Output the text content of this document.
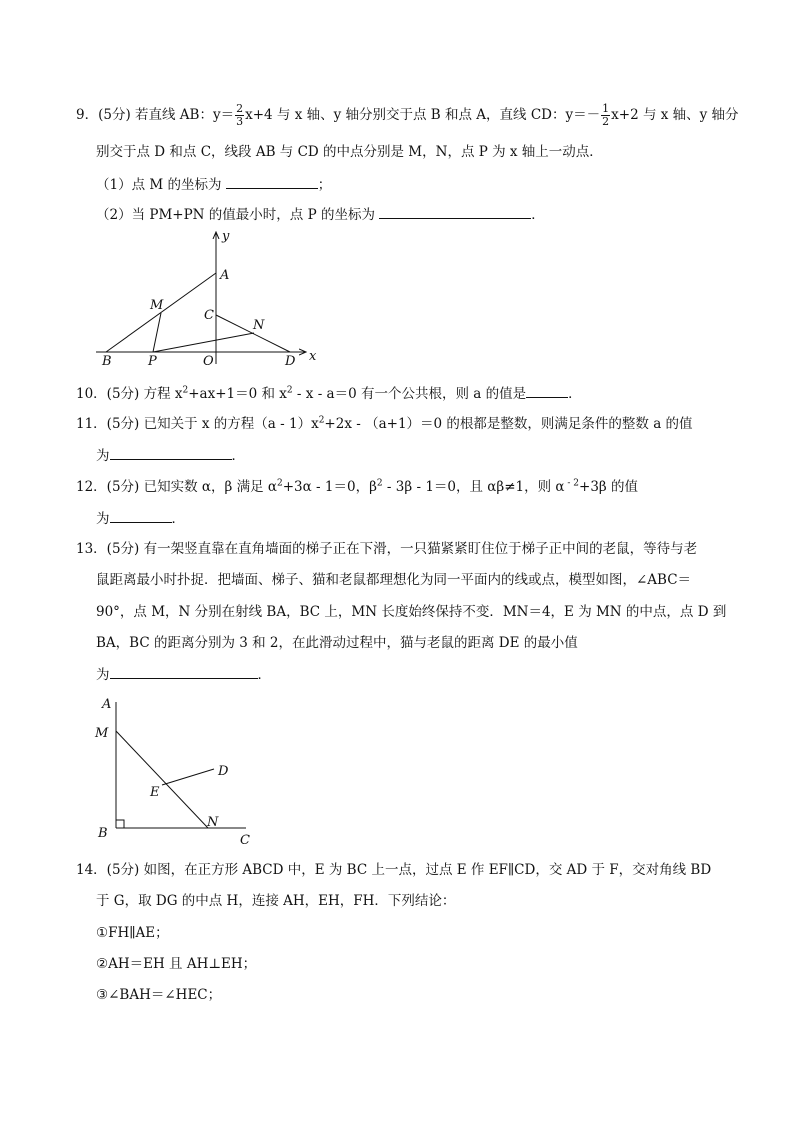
9．(5分) 若直线 AB：$y= \frac{2}{3} x+4$ 与 x 轴、y 轴分别交于点 B 和点 A，直线 CD：$y=- \frac{1}{2} x+2$ 与 x 轴、y 轴分
别交于点 D 和点 C，线段 AB 与 CD 的中点分别是 M，N，点 P 为 x 轴上一动点．
（1）点 M 的坐标为	；
（2）当 PM+PN 的值最小时，点 P 的坐标为	．
y
x
A
M
C
N
B	P	O	D
10．(5分) 方程 $x^2+ax+1=0$ 和 $x^2 - x - a=0$ 有一个公共根，则 a 的值是	．
11．(5分) 已知关于 x 的方程$(a - 1)x^2+2x - (a+1)=0$ 的根都是整数，则满足条件的整数 a 的值
为	．
12．(5分) 已知实数 α，β 满足 $\alpha^2+3\alpha - 1=0$，$\beta^2 - 3\beta - 1=0$，且 αβ≠1，则 α $^{- 2}$+3β 的值
为	．
13．(5分) 有一架竖直靠在直角墙面的梯子正在下滑，一只猫紧紧盯住位于梯子正中间的老鼠，等待与老
鼠距离最小时扑捉．把墙面、梯子、猫和老鼠都理想化为同一平面内的线或点，模型如图，∠ABC＝
90°，点 M，N 分别在射线 BA，BC 上，MN 长度始终保持不变．MN＝4，E 为 MN 的中点，点 D 到
BA，BC 的距离分别为 3 和 2，在此滑动过程中，猫与老鼠的距离 DE 的最小值
为	．
A
M
D
E
B
N
C
14．(5分) 如图，在正方形 ABCD 中，E 为 BC 上一点，过点 E 作 EF∥CD，交 AD 于 F，交对角线 BD
于 G，取 DG 的中点 H，连接 AH，EH，FH．下列结论：
①FH∥AE；
②AH＝EH 且 AH⊥EH；
③∠BAH＝∠HEC；
